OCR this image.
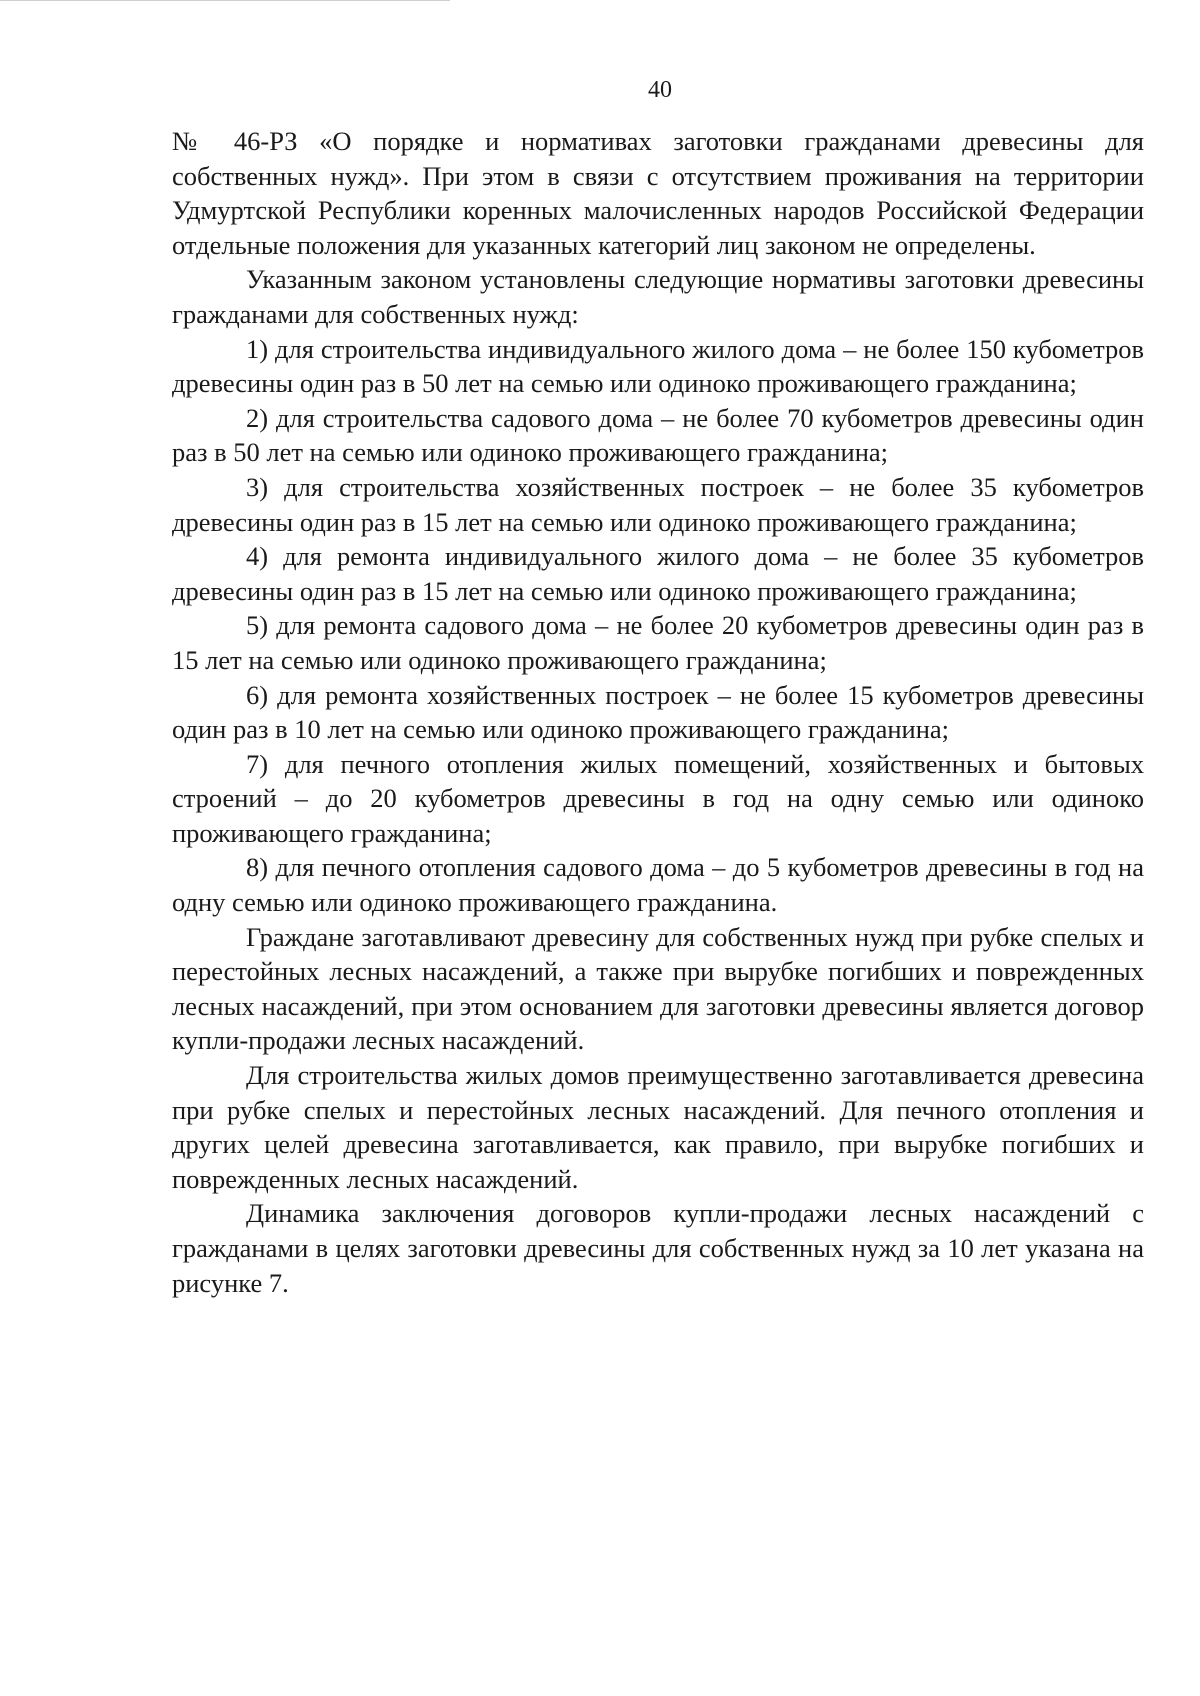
40

№ 46-РЗ «О порядке и нормативах заготовки гражданами древесины для собственных нужд». При этом в связи с отсутствием проживания на территории Удмуртской Республики коренных малочисленных народов Российской Федерации отдельные положения для указанных категорий лиц законом не определены.

Указанным законом установлены следующие нормативы заготовки древесины гражданами для собственных нужд:

1) для строительства индивидуального жилого дома – не более 150 кубометров древесины один раз в 50 лет на семью или одиноко проживающего гражданина;

2) для строительства садового дома – не более 70 кубометров древесины один раз в 50 лет на семью или одиноко проживающего гражданина;

3) для строительства хозяйственных построек – не более 35 кубометров древесины один раз в 15 лет на семью или одиноко проживающего гражданина;

4) для ремонта индивидуального жилого дома – не более 35 кубометров древесины один раз в 15 лет на семью или одиноко проживающего гражданина;

5) для ремонта садового дома – не более 20 кубометров древесины один раз в 15 лет на семью или одиноко проживающего гражданина;

6) для ремонта хозяйственных построек – не более 15 кубометров древесины один раз в 10 лет на семью или одиноко проживающего гражданина;

7) для печного отопления жилых помещений, хозяйственных и бытовых строений – до 20 кубометров древесины в год на одну семью или одиноко проживающего гражданина;

8) для печного отопления садового дома – до 5 кубометров древесины в год на одну семью или одиноко проживающего гражданина.

Граждане заготавливают древесину для собственных нужд при рубке спелых и перестойных лесных насаждений, а также при вырубке погибших и поврежденных лесных насаждений, при этом основанием для заготовки древесины является договор купли-продажи лесных насаждений.

Для строительства жилых домов преимущественно заготавливается древесина при рубке спелых и перестойных лесных насаждений. Для печного отопления и других целей древесина заготавливается, как правило, при вырубке погибших и поврежденных лесных насаждений.

Динамика заключения договоров купли-продажи лесных насаждений с гражданами в целях заготовки древесины для собственных нужд за 10 лет указана на рисунке 7.
